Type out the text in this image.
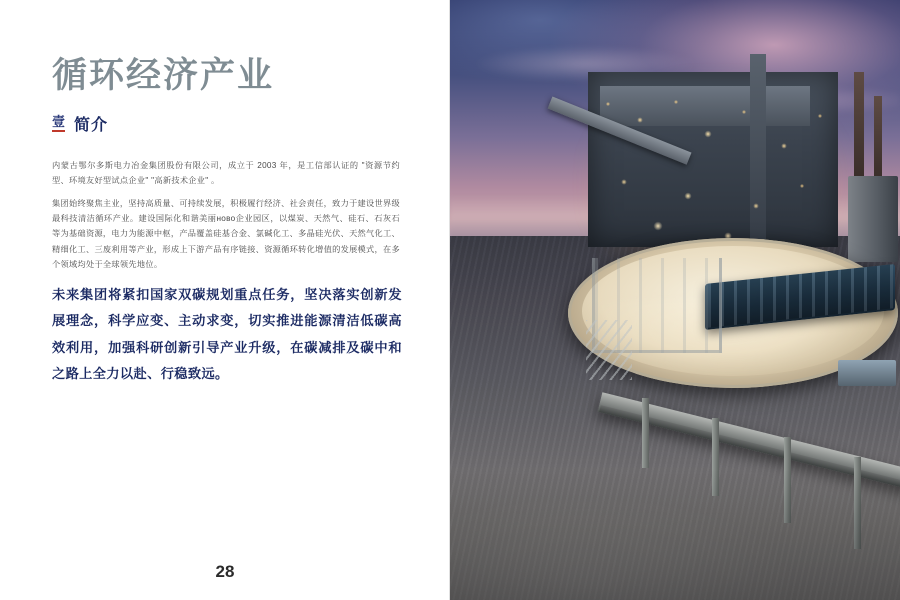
循环经济产业
壹 简介
内蒙古鄂尔多斯电力冶金集团股份有限公司，成立于 2003 年，是工信部认证的 "资源节约型、环境友好型试点企业" "高新技术企业" 。
集团始终聚焦主业，坚持高质量、可持续发展，积极履行经济、社会责任，致力于建设世界级最科技清洁循环产业。建设国际化和谐美丽ново企业园区，以煤炭、天然气、硅石、石灰石等为基础资源，电力为能源中枢，产品覆盖硅基合金、氯碱化工、多晶硅光伏、天然气化工、精细化工、三废利用等产业，形成上下游产品有序链接、资源循环转化增值的发展模式，在多个领域均处于全球领先地位。
未来集团将紧扣国家双碳规划重点任务，坚决落实创新发展理念，科学应变、主动求变，切实推进能源清洁低碳高效利用，加强科研创新引导产业升级，在碳减排及碳中和之路上全力以赴、行稳致远。
28
